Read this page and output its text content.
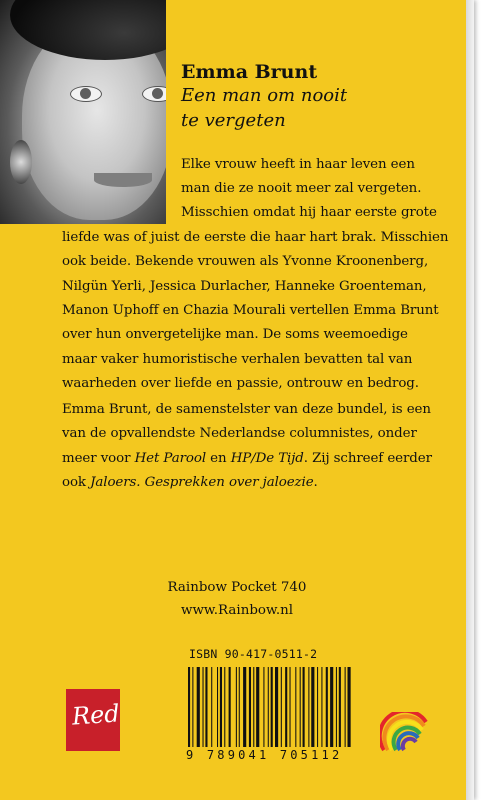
Emma Brunt
Een man om nooit
te vergeten
Elke vrouw heeft in haar leven een
man die ze nooit meer zal vergeten.
Misschien omdat hij haar eerste grote
liefde was of juist de eerste die haar hart brak. Misschien
ook beide. Bekende vrouwen als Yvonne Kroonenberg,
Nilgün Yerli, Jessica Durlacher, Hanneke Groenteman,
Manon Uphoff en Chazia Mourali vertellen Emma Brunt
over hun onvergetelijke man. De soms weemoedige
maar vaker humoristische verhalen bevatten tal van
waarheden over liefde en passie, ontrouw en bedrog.
Emma Brunt, de samenstelster van deze bundel, is een
van de opvallendste Nederlandse columnistes, onder
meer voor Het Parool en HP/De Tijd. Zij schreef eerder
ook Jaloers. Gesprekken over jaloezie.
Rainbow Pocket 740
www.Rainbow.nl
ISBN 90-417-0511-2
9 789041 705112
Red
